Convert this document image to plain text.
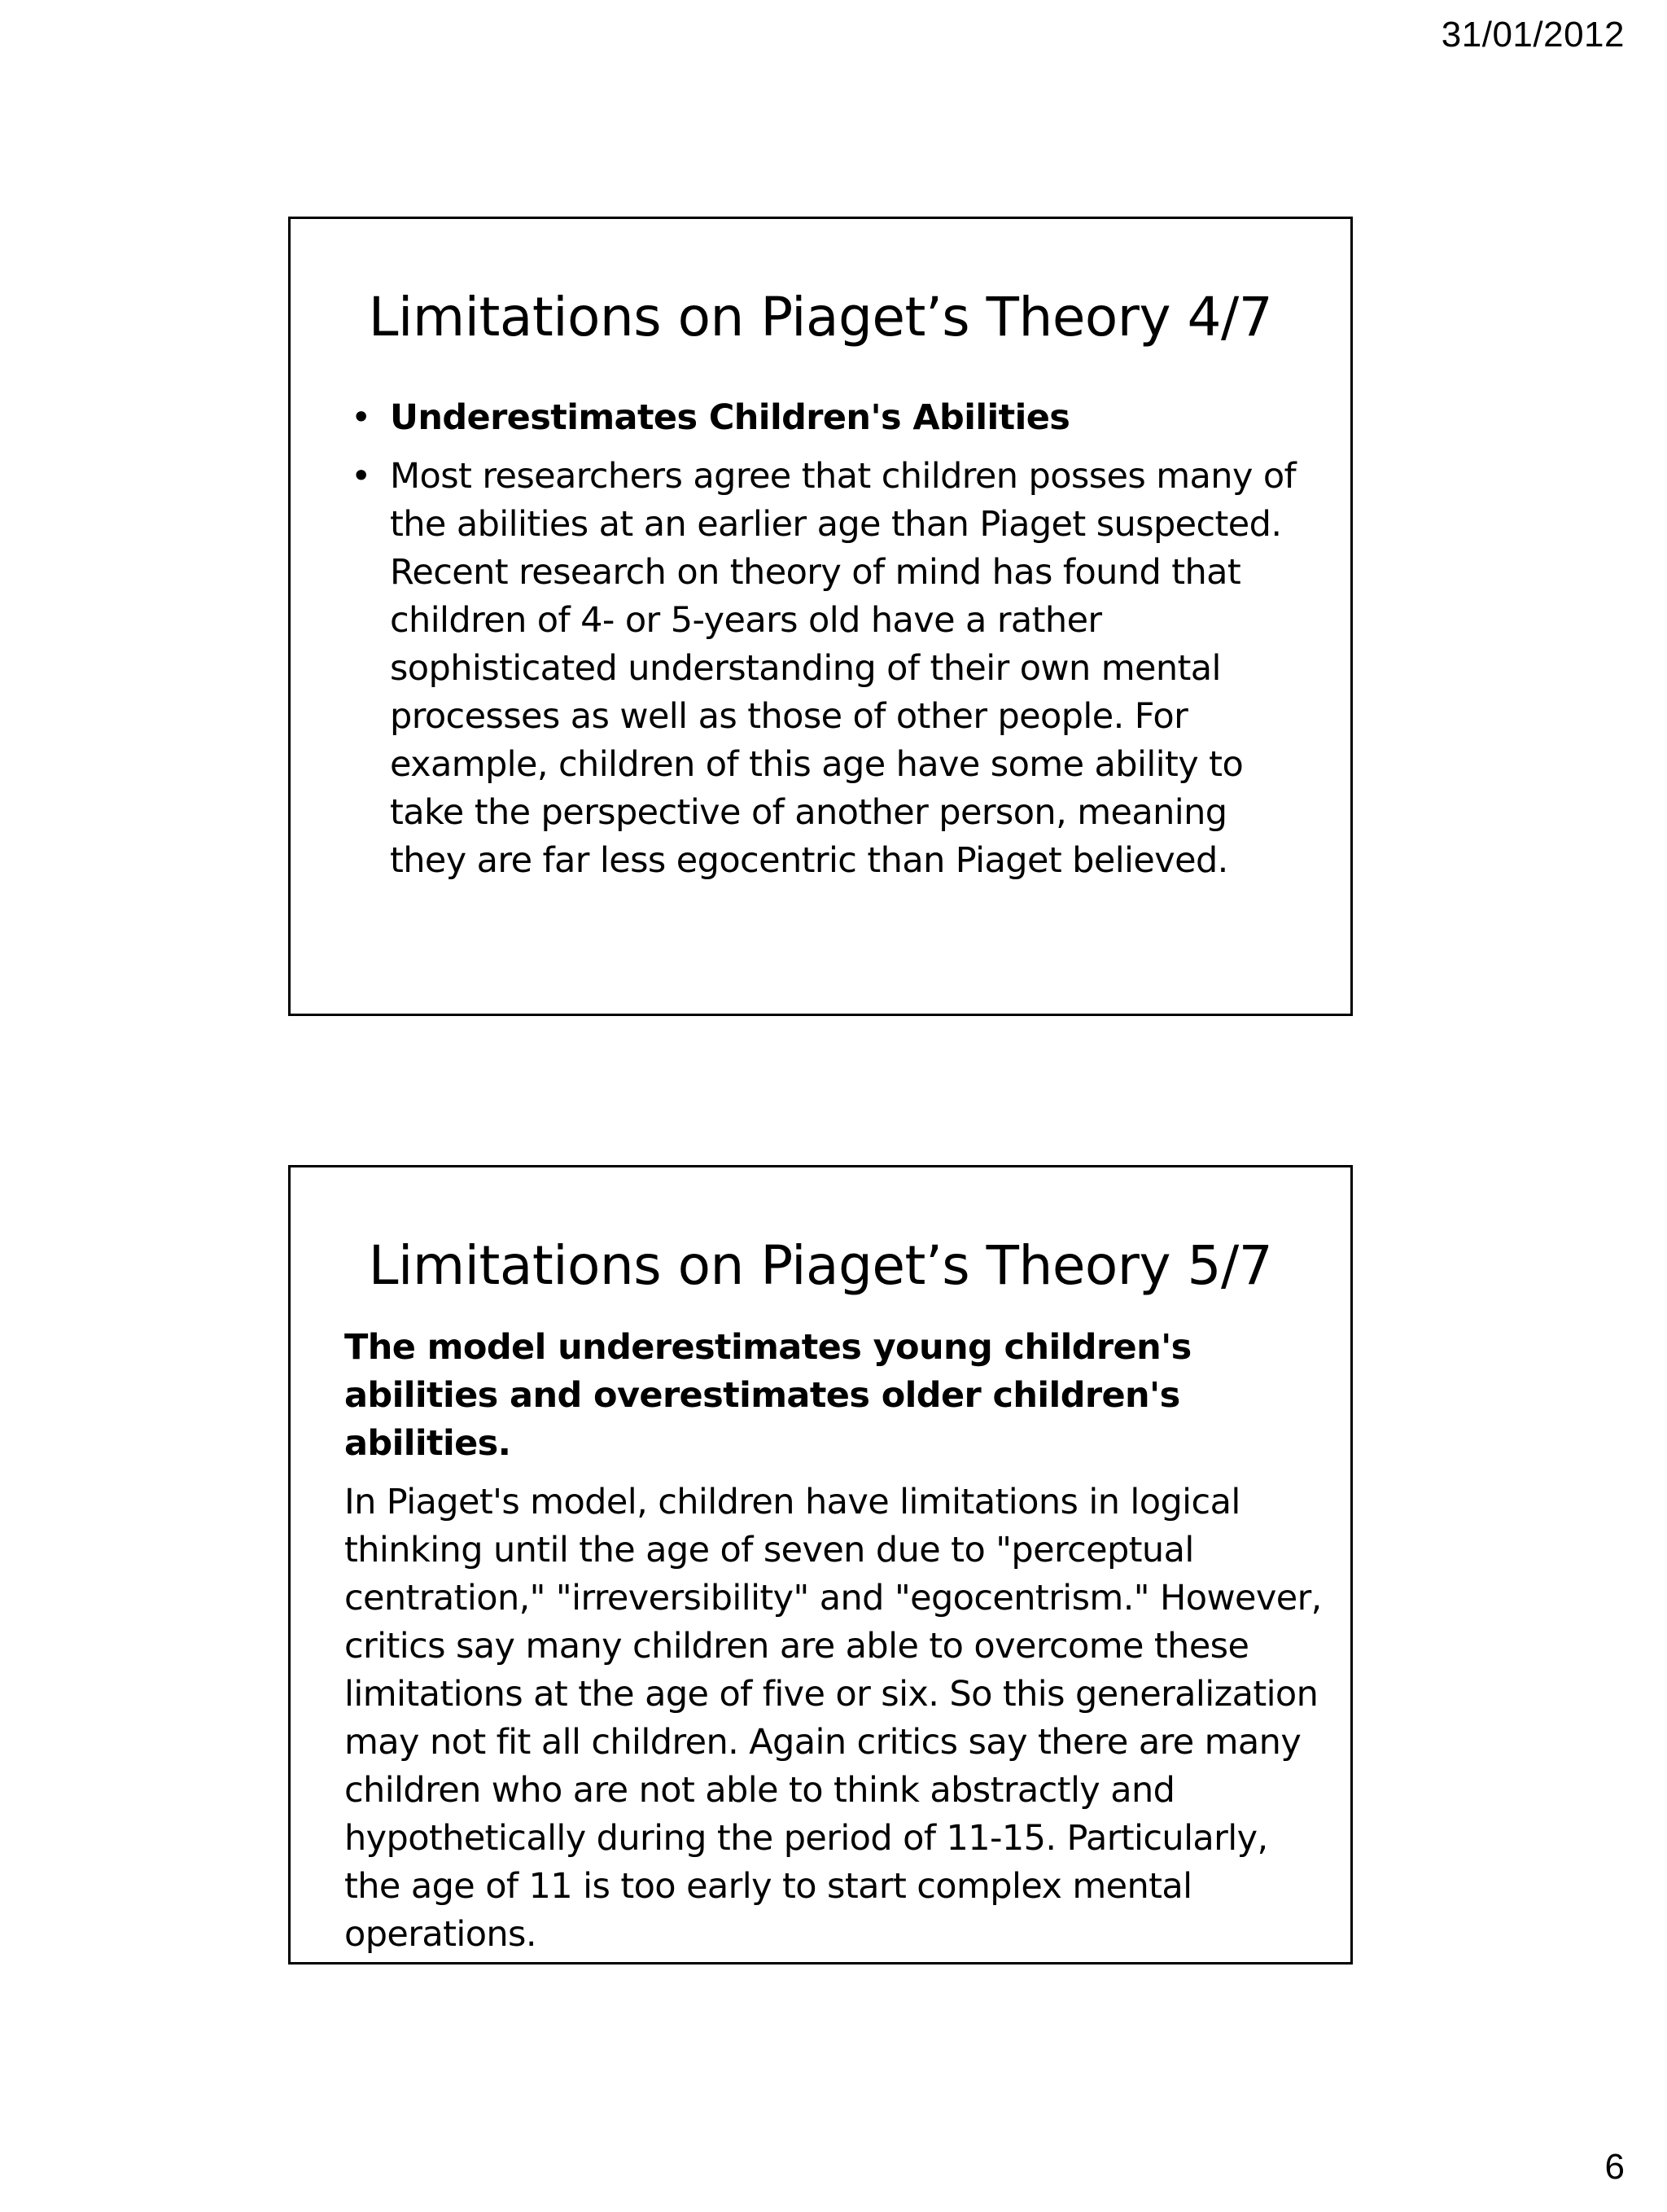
31/01/2012
Limitations on Piaget’s Theory 4/7
• Underestimates Children's Abilities
• Most researchers agree that children posses many of the abilities at an earlier age than Piaget suspected. Recent research on theory of mind has found that children of 4- or 5-years old have a rather sophisticated understanding of their own mental processes as well as those of other people. For example, children of this age have some ability to take the perspective of another person, meaning they are far less egocentric than Piaget believed.
Limitations on Piaget’s Theory 5/7

The model underestimates young children's abilities and overestimates older children's abilities.

In Piaget's model, children have limitations in logical thinking until the age of seven due to "perceptual centration," "irreversibility" and "egocentrism." However, critics say many children are able to overcome these limitations at the age of five or six. So this generalization may not fit all children. Again critics say there are many children who are not able to think abstractly and hypothetically during the period of 11-15. Particularly, the age of 11 is too early to start complex mental operations.

6
